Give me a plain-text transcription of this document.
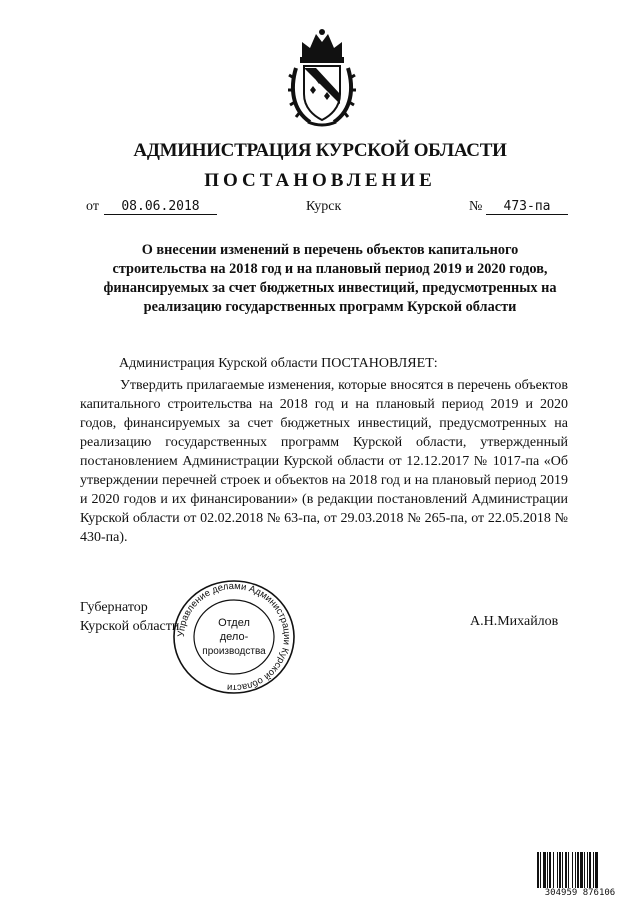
АДМИНИСТРАЦИЯ КУРСКОЙ ОБЛАСТИ
ПОСТАНОВЛЕНИЕ
от	08.06.2018	Курск	№	473-па
О внесении изменений в перечень объектов капитального
строительства на 2018 год и на плановый период 2019 и 2020 годов,
финансируемых за счет бюджетных инвестиций, предусмотренных на
реализацию государственных программ Курской области
Администрация Курской области ПОСТАНОВЛЯЕТ:
Утвердить прилагаемые изменения, которые вносятся в перечень объектов капитального строительства на 2018 год и на плановый период 2019 и 2020 годов, финансируемых за счет бюджетных инвестиций, предусмотренных на реализацию государственных программ Курской области, утвержденный постановлением Администрации Курской области от 12.12.2017 № 1017-па «Об утверждении перечней строек и объектов на 2018 год и на плановый период 2019 и 2020 годов и их финансировании» (в редакции постановлений Администрации Курской области от 02.02.2018 № 63-па, от 29.03.2018 № 265-па, от 22.05.2018 № 430-па).
Губернатор
Курской области	А.Н.Михайлов
Управление делами Администрации Курской области
Отдел
дело-
производства
304959 876106
